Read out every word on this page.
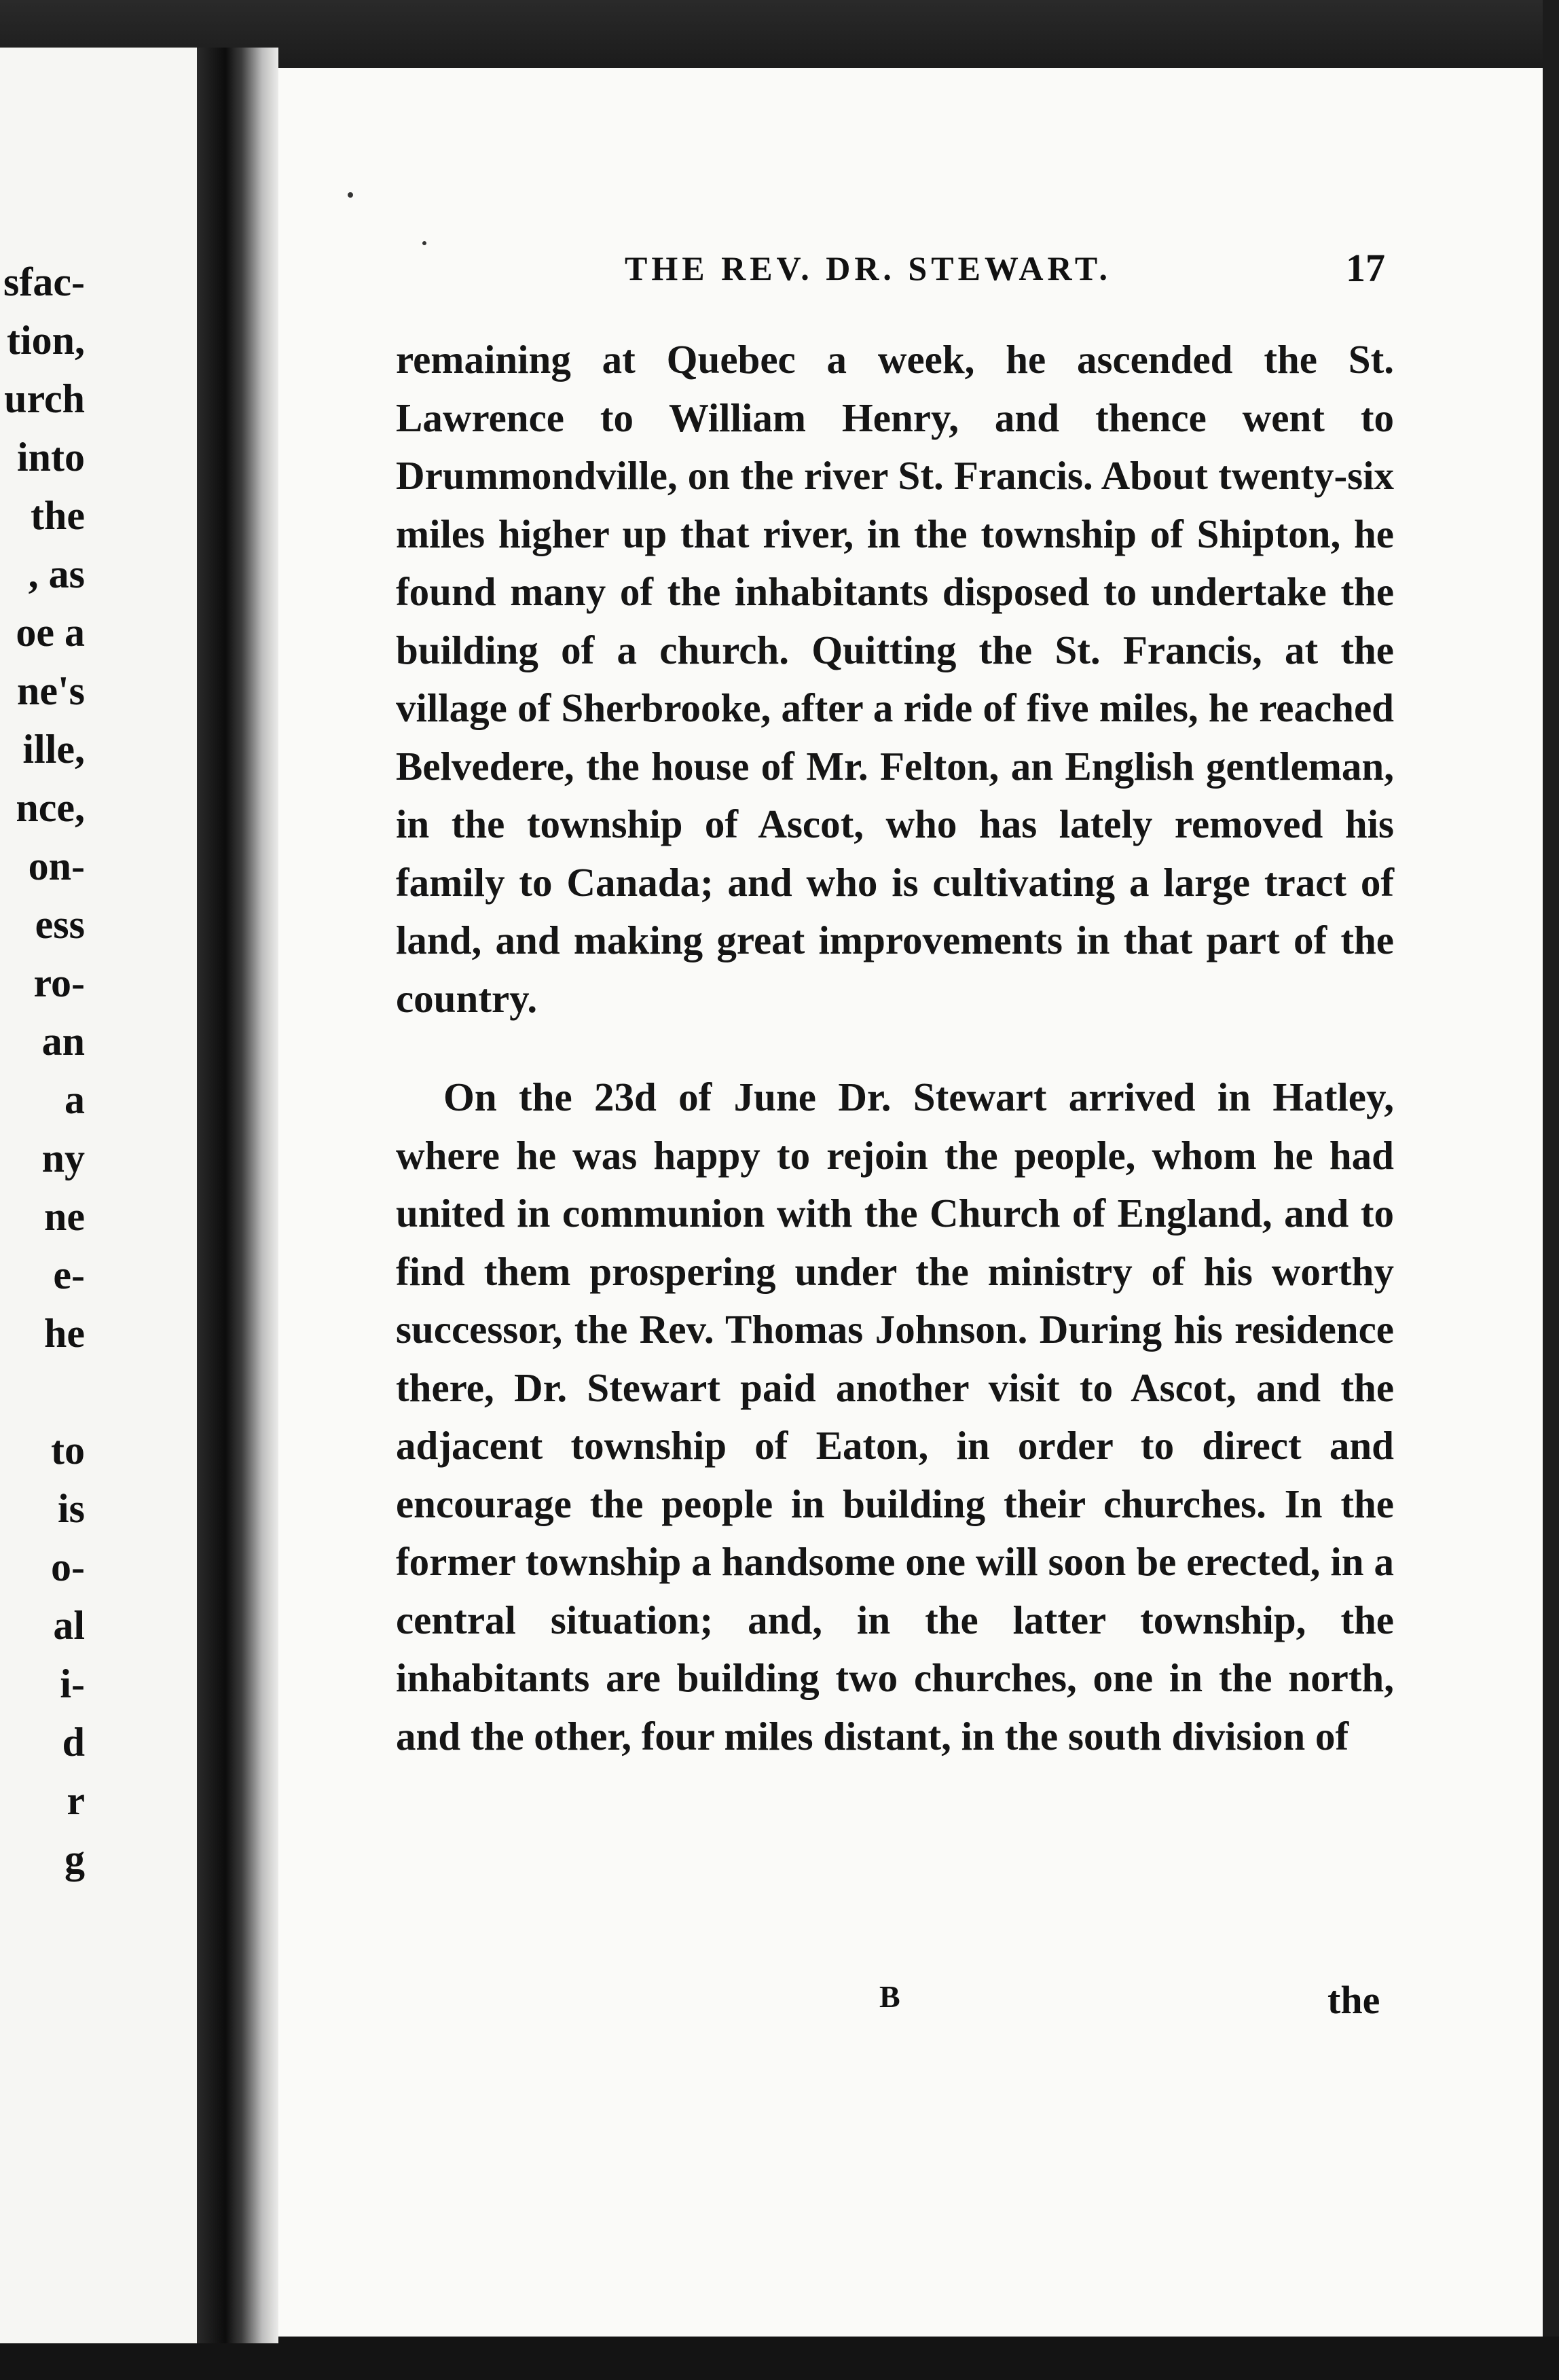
sfac-
tion,
urch
into
the
, as
oe a
ne's
ille,
nce,
on-
ess
ro-
an
a
ny
ne
e-
he
to
is
o-
al
i-
d
r
g
THE REV. DR. STEWART.	17

remaining at Quebec a week, he ascended the St. Lawrence to William Henry, and thence went to Drummondville, on the river St. Francis. About twenty-six miles higher up that river, in the township of Shipton, he found many of the inhabitants disposed to undertake the building of a church. Quitting the St. Francis, at the village of Sherbrooke, after a ride of five miles, he reached Belvedere, the house of Mr. Felton, an English gentleman, in the township of Ascot, who has lately removed his family to Canada; and who is cultivating a large tract of land, and making great improvements in that part of the country.

On the 23d of June Dr. Stewart arrived in Hatley, where he was happy to rejoin the people, whom he had united in communion with the Church of England, and to find them prospering under the ministry of his worthy successor, the Rev. Thomas Johnson. During his residence there, Dr. Stewart paid another visit to Ascot, and the adjacent township of Eaton, in order to direct and encourage the people in building their churches. In the former township a handsome one will soon be erected, in a central situation; and, in the latter township, the inhabitants are building two churches, one in the north, and the other, four miles distant, in the south division of

B	the
